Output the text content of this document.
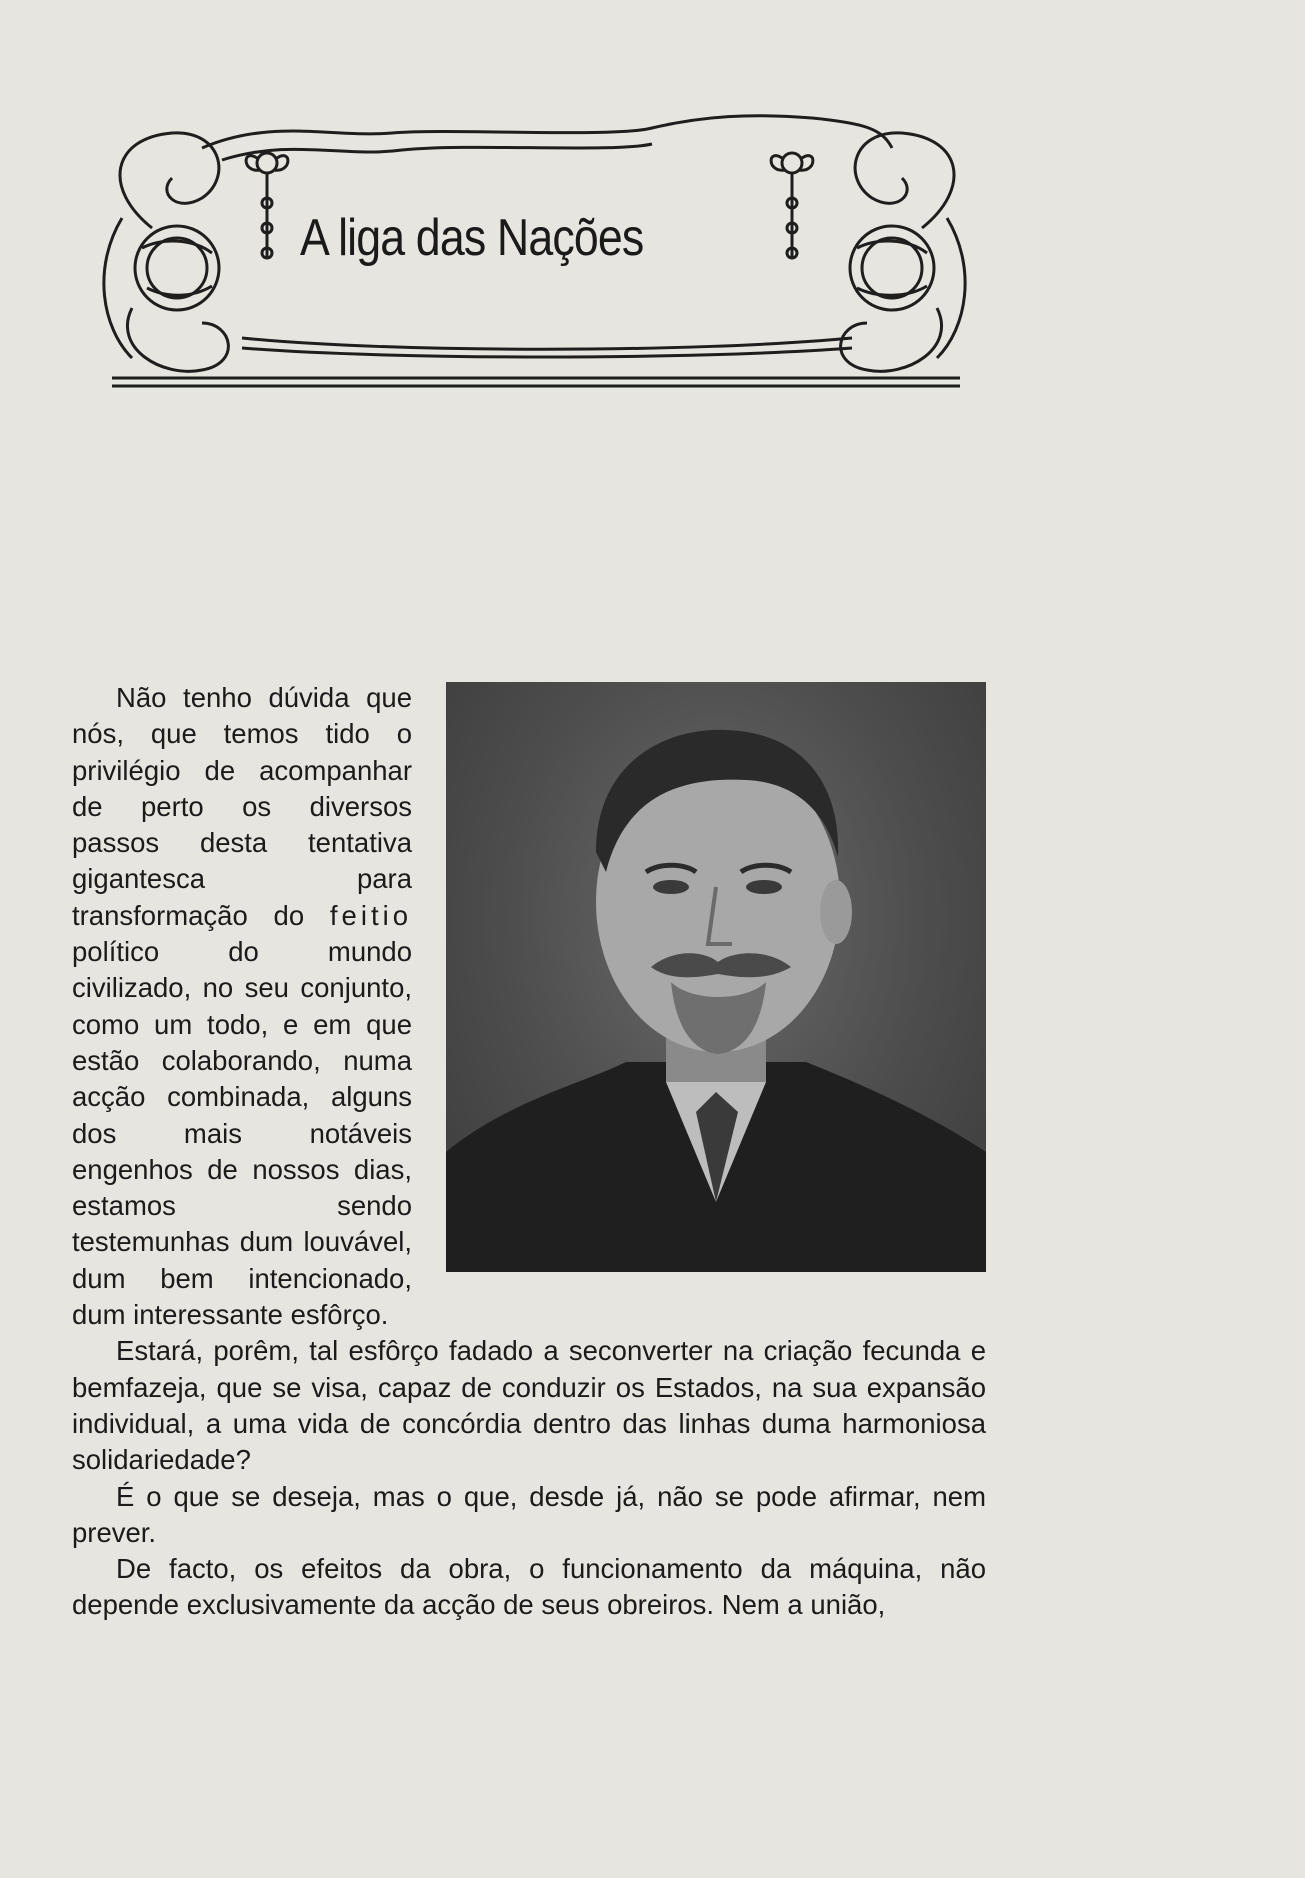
A liga das Nações

Não tenho dúvida que nós, que temos tido o privilégio de acompanhar de perto os diversos passos desta tentativa gigantesca para transformação do feitio político do mundo civilizado, no seu conjunto, como um todo, e em que estão colaborando, numa acção combinada, alguns dos mais notáveis engenhos de nossos dias, estamos sendo testemunhas dum louvável, dum bem intencionado, dum interessante esfôrço.

Estará, porêm, tal esfôrço fadado a seconverter na criação fecunda e bemfazeja, que se visa, capaz de conduzir os Estados, na sua expansão individual, a uma vida de concórdia dentro das linhas duma harmoniosa solidariedade?

É o que se deseja, mas o que, desde já, não se pode afirmar, nem prever.

De facto, os efeitos da obra, o funcionamento da máquina, não depende exclusivamente da acção de seus obreiros. Nem a união,
